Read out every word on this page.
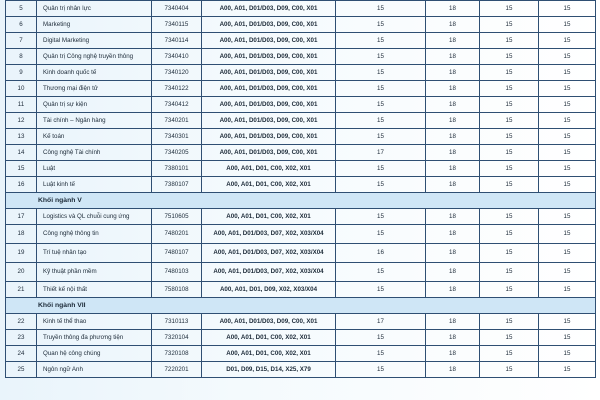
5	Quản trị nhân lực	7340404	A00, A01, D01/D03, D09, C00, X01	15	18	15	15
6	Marketing	7340115	A00, A01, D01/D03, D09, C00, X01	15	18	15	15
7	Digital Marketing	7340114	A00, A01, D01/D03, D09, C00, X01	15	18	15	15
8	Quản trị Công nghệ truyền thông	7340410	A00, A01, D01/D03, D09, C00, X01	15	18	15	15
9	Kinh doanh quốc tế	7340120	A00, A01, D01/D03, D09, C00, X01	15	18	15	15
10	Thương mại điện tử	7340122	A00, A01, D01/D03, D09, C00, X01	15	18	15	15
11	Quản trị sự kiện	7340412	A00, A01, D01/D03, D09, C00, X01	15	18	15	15
12	Tài chính – Ngân hàng	7340201	A00, A01, D01/D03, D09, C00, X01	15	18	15	15
13	Kế toán	7340301	A00, A01, D01/D03, D09, C00, X01	15	18	15	15
14	Công nghệ Tài chính	7340205	A00, A01, D01/D03, D09, C00, X01	17	18	15	15
15	Luật	7380101	A00, A01, D01, C00, X02, X01	15	18	15	15
16	Luật kinh tế	7380107	A00, A01, D01, C00, X02, X01	15	18	15	15
Khối ngành V							
17	Logistics và QL chuỗi cung ứng	7510605	A00, A01, D01, C00, X02, X01	15	18	15	15
18	Công nghệ thông tin	7480201	A00, A01, D01/D03, D07, X02, X03/X04	15	18	15	15
19	Trí tuệ nhân tạo	7480107	A00, A01, D01/D03, D07, X02, X03/X04	16	18	15	15
20	Kỹ thuật phần mềm	7480103	A00, A01, D01/D03, D07, X02, X03/X04	15	18	15	15
21	Thiết kế nội thất	7580108	A00, A01, D01, D09, X02, X03/X04	15	18	15	15
Khối ngành VII							
22	Kinh tế thể thao	7310113	A00, A01, D01/D03, D09, C00, X01	17	18	15	15
23	Truyền thông đa phương tiện	7320104	A00, A01, D01, C00, X02, X01	15	18	15	15
24	Quan hệ công chúng	7320108	A00, A01, D01, C00, X02, X01	15	18	15	15
25	Ngôn ngữ Anh	7220201	D01, D09, D15, D14, X25, X79	15	18	15	15
